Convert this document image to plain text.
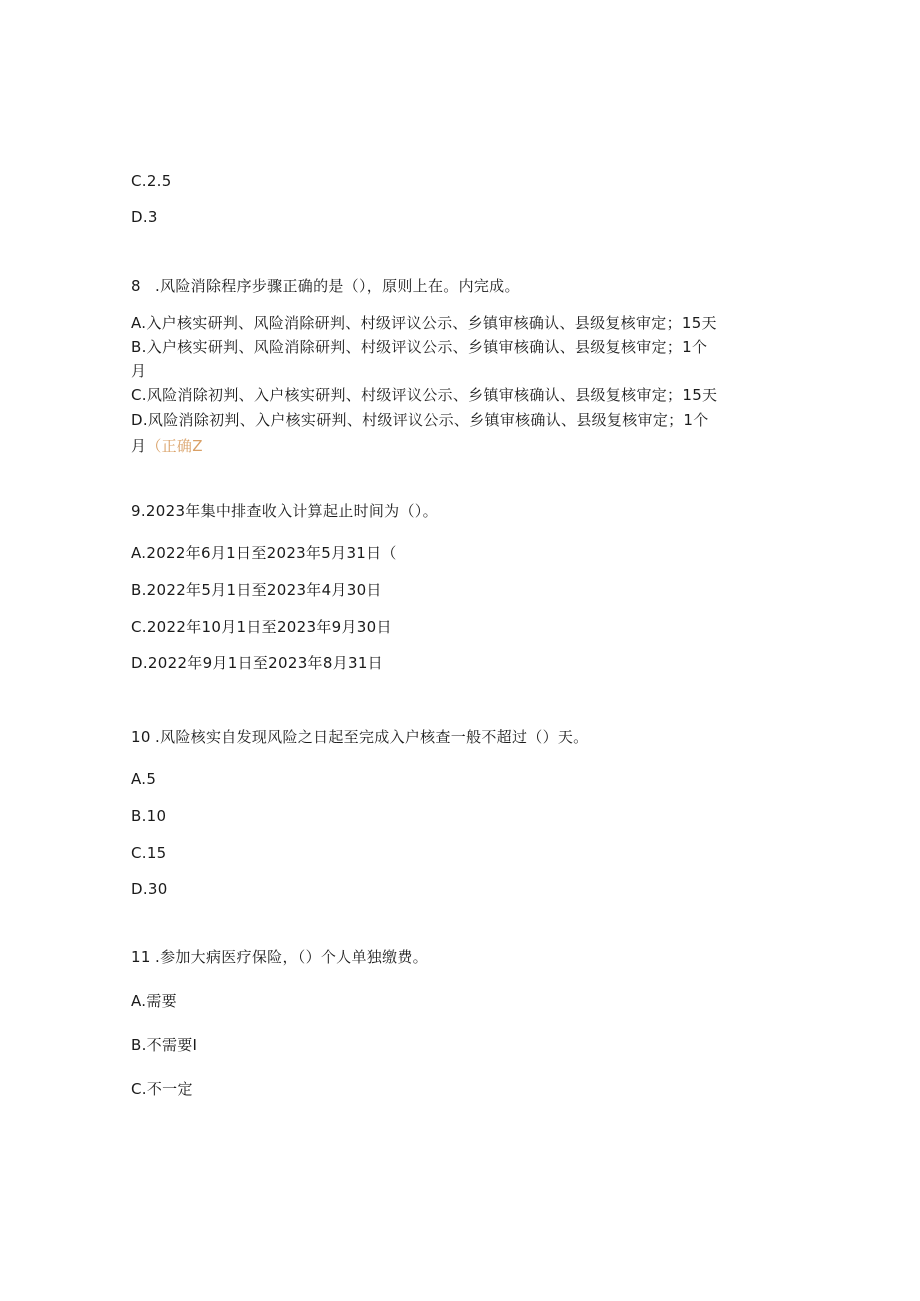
C.2.5
D.3
8 .风险消除程序步骤正确的是（），原则上在。内完成。
A.入户核实研判、风险消除研判、村级评议公示、乡镇审核确认、县级复核审定；15天
B.入户核实研判、风险消除研判、村级评议公示、乡镇审核确认、县级复核审定；1个
月
C.风险消除初判、入户核实研判、村级评议公示、乡镇审核确认、县级复核审定；15天
D.风险消除初判、入户核实研判、村级评议公示、乡镇审核确认、县级复核审定；1个
月（正确Z
9.2023年集中排查收入计算起止时间为（）。
A.2022年6月1日至2023年5月31日（
B.2022年5月1日至2023年4月30日
C.2022年10月1日至2023年9月30日
D.2022年9月1日至2023年8月31日
10 .风险核实自发现风险之日起至完成入户核查一般不超过（）天。
A.5
B.10
C.15
D.30
11 .参加大病医疗保险，（）个人单独缴费。
A.需要
B.不需要I
C.不一定
